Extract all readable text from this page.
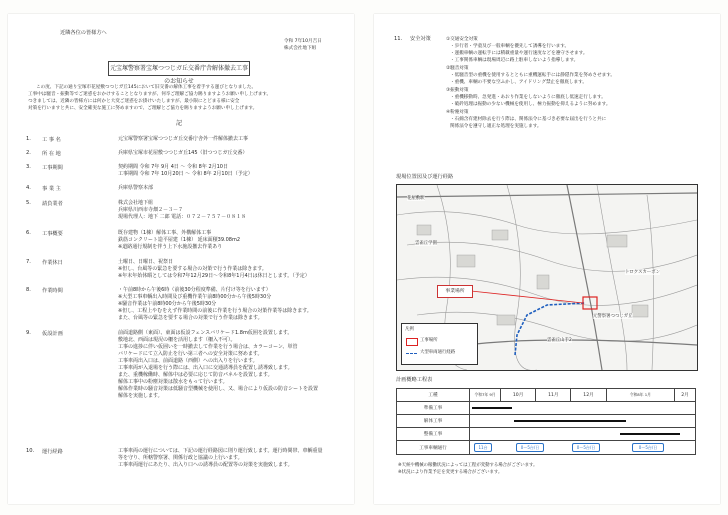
近隣各位の皆様方へ
令和 7年10月吉日
株式会社地下組
元宝塚警察署宝塚つつじガ丘交番庁舎解体撤去工事のお知らせ
この度、下記の通り宝塚市花屋敷つつじガ丘145において旧交番の解体工事を着手する運びとなりました。
工事中は騒音・振動等でご迷惑をおかけすることとなりますが、何卒ご理解ご協力賜りますようお願い申し上げます。
つきましては、近隣の皆様方には何かと大変ご迷惑をお掛けいたしますが、最小限にとどまる様に安全
対策を行いますと共に、安全確実な施工に努めますので、ご理解とご協力を賜りますようお願い申し上げます。
記
1. 工 事 名	元宝塚警察署宝塚つつじガ丘交番庁舎外一件解体撤去工事
2. 所 在 地	兵庫県宝塚市花屋敷つつじガ丘145（旧つつじガ丘交番）
3. 工事期間	契約期間 令和 7年 9月 4日 ～ 令和 8年 2月10日
工事期間 令和 7年 10月20日 ～ 令和 8年 2月10日（予定）
4. 事 業 主	兵庫県警察本部
5. 請負業者	株式会社地下組
兵庫県川西市寺畑２－３－７
現場代理人：地下 二郎 電話：０７２－７５７－０８１８
6. 工事概要	既存建物（1棟）解体工事、外構解体工事
鉄筋コンクリート造平屋建（1棟） 延床面積39.08m2
※道路通行規制を伴う上下水施設撤去作業あり
7. 作業休日	土曜日、日曜日、祝祭日
※但し、台風等の緊急を要する場合の対策で行う作業は除きます。
※年末年始休暇としては令和7年12月29日～令和8年1月4日は休日とします。（予定）
8. 作業時間	・午前8時から午後6時（前後30分程度準備、片付け等を行います）
※大型工事車輌出入時間及び重機作業午前8時00分から午後5時30分
※騒音作業は午前8時00分から午後5時30分
※但し、工程上やむをえず作業時間の前後に作業を行う場合の対策作業等は除きます。
また、台風等の緊急を要する場合の対策で行う作業は除きます。
9. 仮設計画	前面道路側（東面）、東面は仮設フェンスバリケード1.8m仮囲を設置します。
敷地北、西面は現況の柵を活用します（柵入不可）。
工事の進捗に伴い仮囲いを一時撤去して作業を行う場合は、カラーコーン、単管
バリケードにて立入防止を行い第三者への安全対策に努めます。
工事車両出入口は、前面道路（西側）への出入りを行います。
工事車両が入退場を行う際には、出入口に交通誘導員を配置し誘導致します。
また、重機稼働時、解体中は必要に応じて防音パネルを設置します。
解体工事中の粉塵対策は散水をもって行います。
解体作業時の騒音対策は低騒音型機械を使用し、又、場合により仮設の防音シートを設置
解体を実施します。
10. 運行経路	工事車両の運行については、下記の運行経路図に則り運行致します。運行時間帯、車輌重量
等を守り、所轄警察署、関係行政と協議の上行います。
工事車両運行にあたり、出入り口への誘導員の配置等の対策を実施致します。
11. 安全対策	①交通安全対策
・歩行者・学童及び一般車輌を優先して誘導を行います。
・運搬車輌の運転手には積載重量や運行速度などを遵守させます。
・工事関係車輌は現場周辺に路上駐車しないよう指導します。
②騒音対策
・低騒音型の重機を使用するとともに重機運転手には静隠作業を努めさせます。
・重機、車輌の不要な空ふかし、アイドリング禁止を徹底します。
③振動対策
・重機移動時、急発進・あおり作業をしないように徹底し低速走行します。
・破砕処理は振動の少ない機械を使用し、極力振動を抑えるように努めます。
④粉塵対策
・石綿含有建材除去を行う際は、関係法令に基づき必要な届出を行うと共に
関係法令を遵守し適正な処理を実施します。
現場位置図及び運行経路
事業場所
元警察署つつじガ丘
雲雀丘山手2
雲雀丘学園
花屋敷駅
トロクスカーボン
凡例
工事場所
大型車両通行経路
計画概略工程表
工種	令和7年 9月	10月	11月	12月	令和8年 1月	2月
準備工事						

解体工事						

整備工事						

工事車輌通行	11台 0～5台/日 0～5台/日 0～5台/日					
※天候や機械の稼働状況によっては工程が変動する場合がございます。
※状況により作業予定を変更する場合がございます。
